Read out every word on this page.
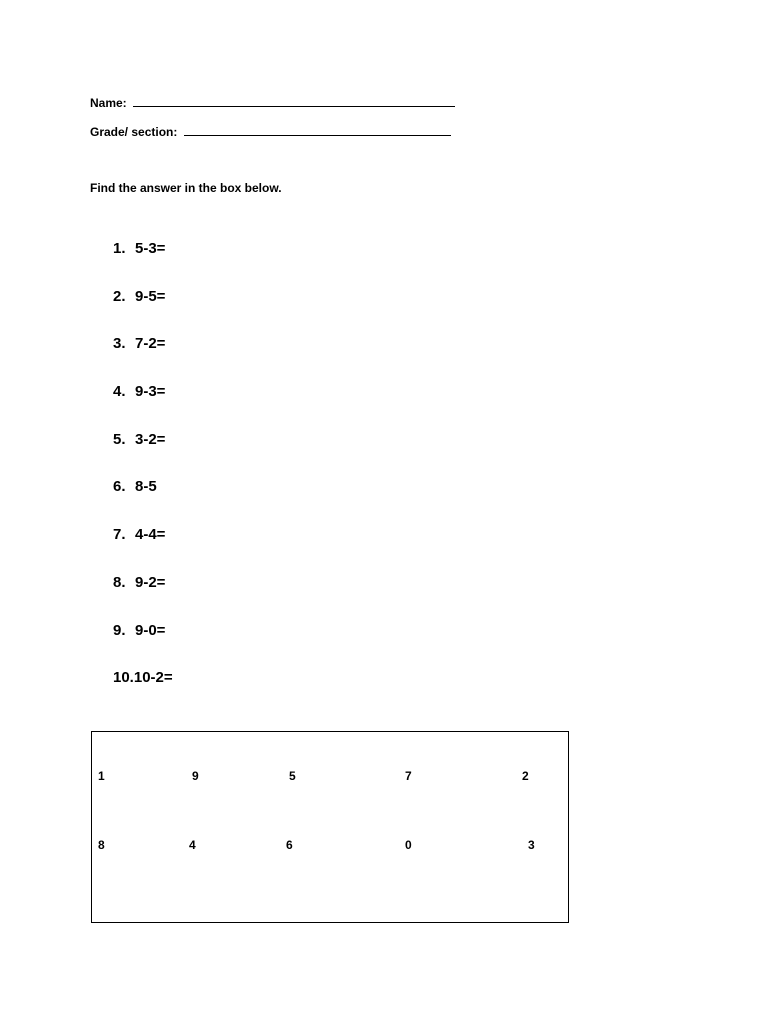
Name:
Grade/ section:
Find the answer in the box below.
1. 5-3=
2. 9-5=
3. 7-2=
4. 9-3=
5. 3-2=
6. 8-5
7. 4-4=
8. 9-2=
9. 9-0=
10.10-2=
1	9	5	7	2
8	4	6	0	3
